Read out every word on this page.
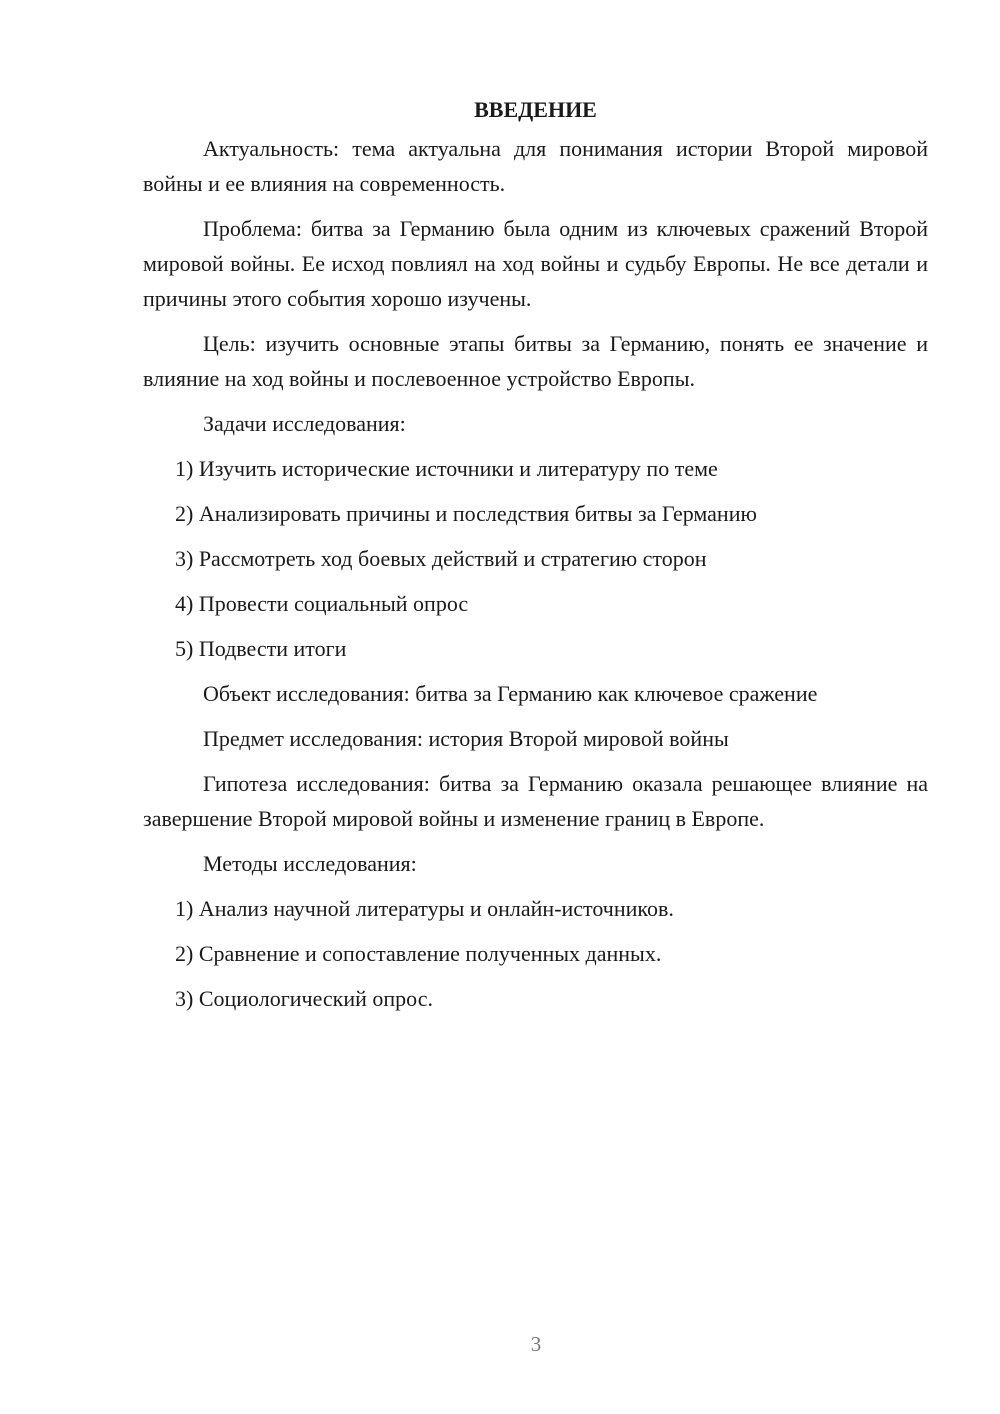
ВВЕДЕНИЕ

Актуальность: тема актуальна для понимания истории Второй мировой войны и ее влияния на современность.

Проблема: битва за Германию была одним из ключевых сражений Второй мировой войны. Ее исход повлиял на ход войны и судьбу Европы. Не все детали и причины этого события хорошо изучены.

Цель: изучить основные этапы битвы за Германию, понять ее значение и влияние на ход войны и послевоенное устройство Европы.

Задачи исследования:
1) Изучить исторические источники и литературу по теме
2) Анализировать причины и последствия битвы за Германию
3) Рассмотреть ход боевых действий и стратегию сторон
4) Провести социальный опрос
5) Подвести итоги
Объект исследования: битва за Германию как ключевое сражение
Предмет исследования: история Второй мировой войны

Гипотеза исследования: битва за Германию оказала решающее влияние на завершение Второй мировой войны и изменение границ в Европе.

Методы исследования:
1) Анализ научной литературы и онлайн-источников.
2) Сравнение и сопоставление полученных данных.
3) Социологический опрос.
3
